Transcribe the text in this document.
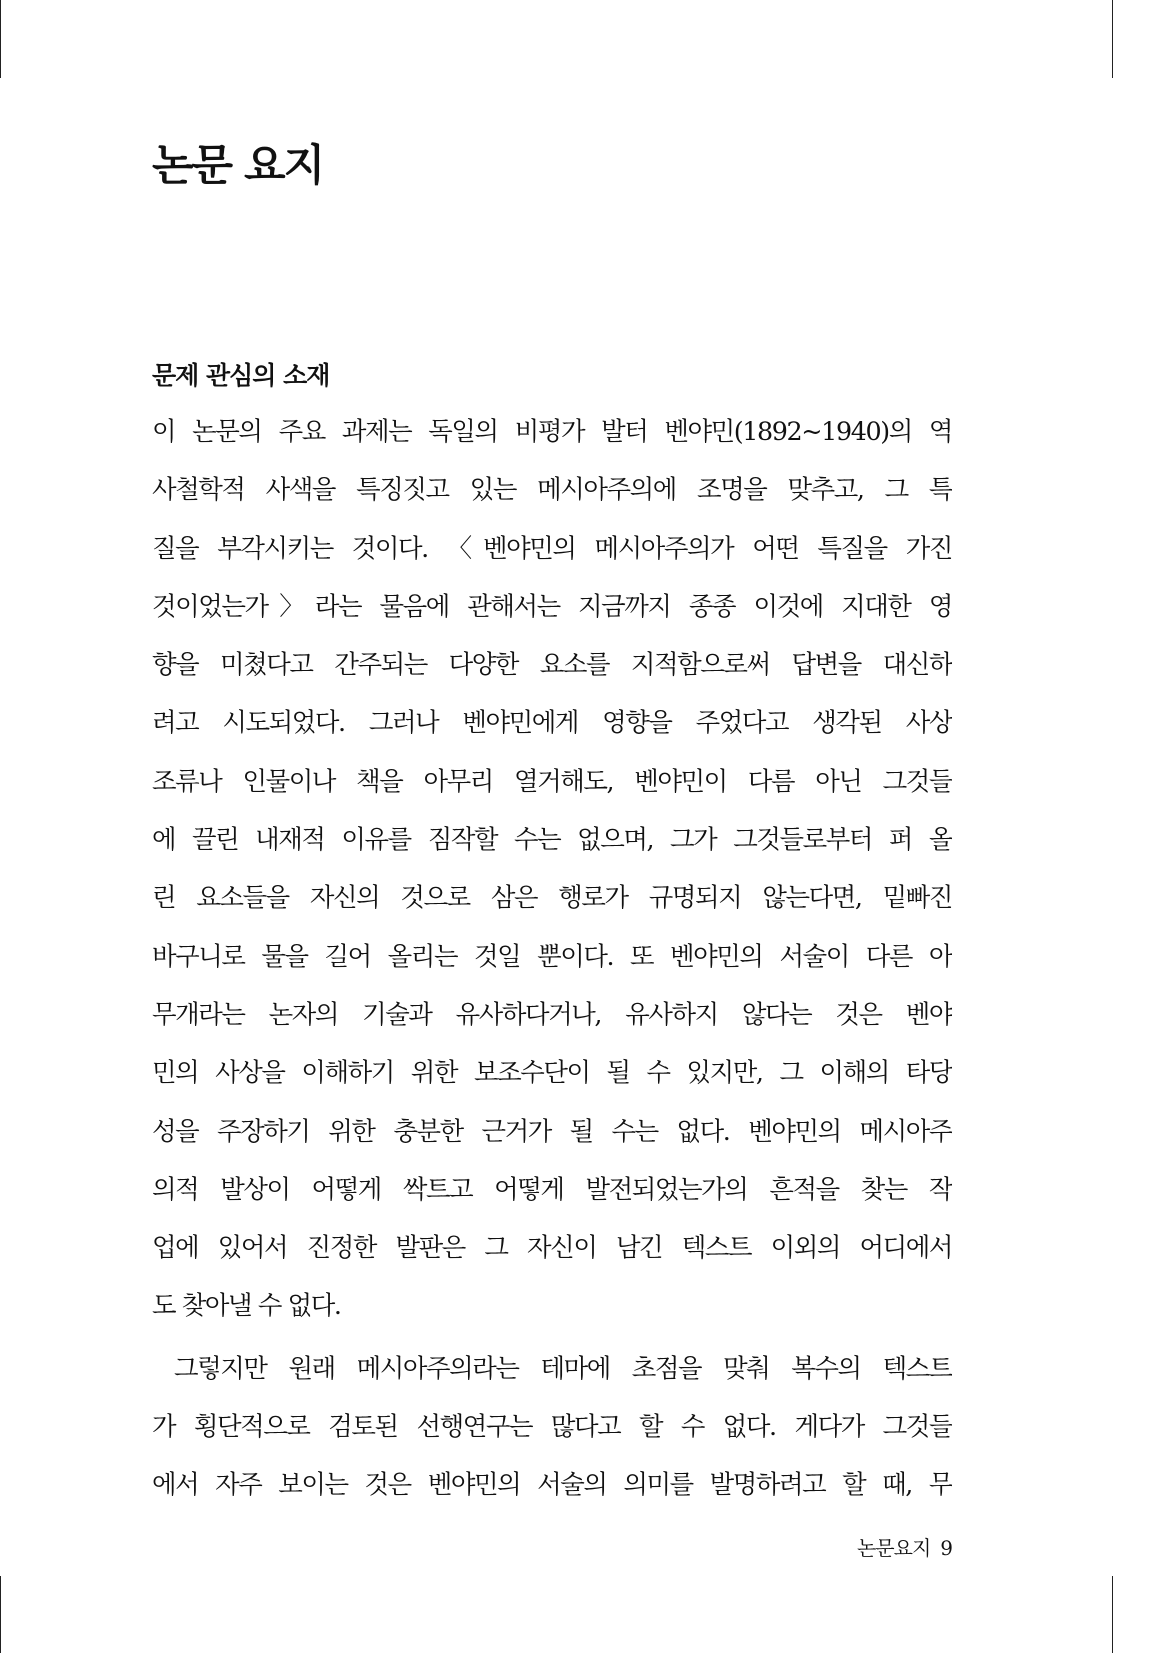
논문 요지
문제 관심의 소재
이 논문의 주요 과제는 독일의 비평가 발터 벤야민(1892~1940)의 역
사철학적 사색을 특징짓고 있는 메시아주의에 조명을 맞추고, 그 특
질을 부각시키는 것이다. 〈벤야민의 메시아주의가 어떤 특질을 가진
것이었는가〉라는 물음에 관해서는 지금까지 종종 이것에 지대한 영
향을 미쳤다고 간주되는 다양한 요소를 지적함으로써 답변을 대신하
려고 시도되었다. 그러나 벤야민에게 영향을 주었다고 생각된 사상
조류나 인물이나 책을 아무리 열거해도, 벤야민이 다름 아닌 그것들
에 끌린 내재적 이유를 짐작할 수는 없으며, 그가 그것들로부터 퍼 올
린 요소들을 자신의 것으로 삼은 행로가 규명되지 않는다면, 밑빠진
바구니로 물을 길어 올리는 것일 뿐이다. 또 벤야민의 서술이 다른 아
무개라는 논자의 기술과 유사하다거나, 유사하지 않다는 것은 벤야
민의 사상을 이해하기 위한 보조수단이 될 수 있지만, 그 이해의 타당
성을 주장하기 위한 충분한 근거가 될 수는 없다. 벤야민의 메시아주
의적 발상이 어떻게 싹트고 어떻게 발전되었는가의 흔적을 찾는 작
업에 있어서 진정한 발판은 그 자신이 남긴 텍스트 이외의 어디에서
도 찾아낼 수 없다.
그렇지만 원래 메시아주의라는 테마에 초점을 맞춰 복수의 텍스트
가 횡단적으로 검토된 선행연구는 많다고 할 수 없다. 게다가 그것들
에서 자주 보이는 것은 벤야민의 서술의 의미를 발명하려고 할 때, 무
논문요지 9
